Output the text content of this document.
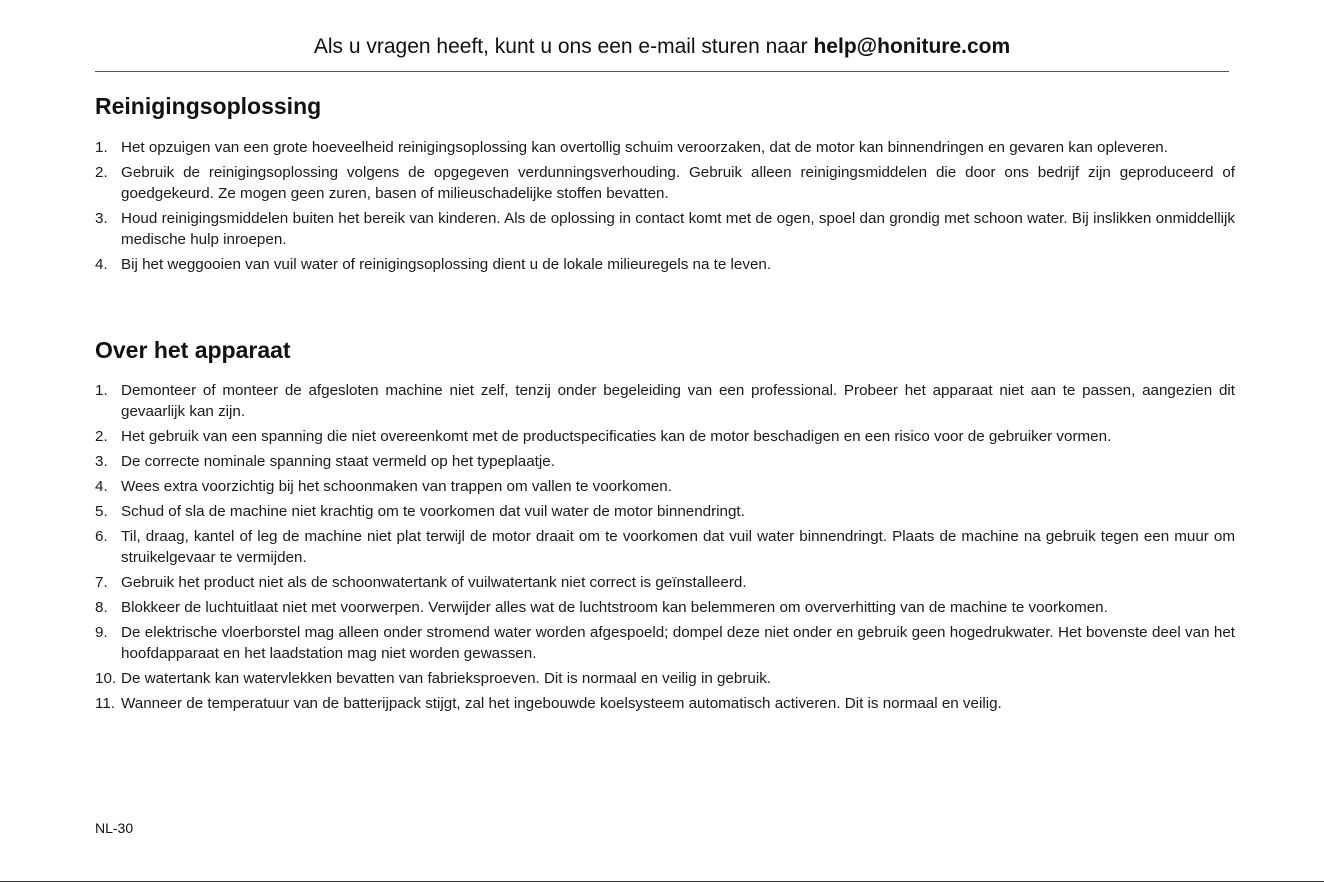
Als u vragen heeft, kunt u ons een e-mail sturen naar help@honiture.com
Reinigingsoplossing
1. Het opzuigen van een grote hoeveelheid reinigingsoplossing kan overtollig schuim veroorzaken, dat de motor kan binnendringen en gevaren kan opleveren.
2. Gebruik de reinigingsoplossing volgens de opgegeven verdunningsverhouding. Gebruik alleen reinigingsmiddelen die door ons bedrijf zijn geproduceerd of goedgekeurd. Ze mogen geen zuren, basen of milieuschadelijke stoffen bevatten.
3. Houd reinigingsmiddelen buiten het bereik van kinderen. Als de oplossing in contact komt met de ogen, spoel dan grondig met schoon water. Bij inslikken onmiddellijk medische hulp inroepen.
4. Bij het weggooien van vuil water of reinigingsoplossing dient u de lokale milieuregels na te leven.
Over het apparaat
1. Demonteer of monteer de afgesloten machine niet zelf, tenzij onder begeleiding van een professional. Probeer het apparaat niet aan te passen, aangezien dit gevaarlijk kan zijn.
2. Het gebruik van een spanning die niet overeenkomt met de productspecificaties kan de motor beschadigen en een risico voor de gebruiker vormen.
3. De correcte nominale spanning staat vermeld op het typeplaatje.
4. Wees extra voorzichtig bij het schoonmaken van trappen om vallen te voorkomen.
5. Schud of sla de machine niet krachtig om te voorkomen dat vuil water de motor binnendringt.
6. Til, draag, kantel of leg de machine niet plat terwijl de motor draait om te voorkomen dat vuil water binnendringt. Plaats de machine na gebruik tegen een muur om struikelgevaar te vermijden.
7. Gebruik het product niet als de schoonwatertank of vuilwatertank niet correct is geïnstalleerd.
8. Blokkeer de luchtuitlaat niet met voorwerpen. Verwijder alles wat de luchtstroom kan belemmeren om oververhitting van de machine te voorkomen.
9. De elektrische vloerborstel mag alleen onder stromend water worden afgespoeld; dompel deze niet onder en gebruik geen hogedrukwater. Het bovenste deel van het hoofdapparaat en het laadstation mag niet worden gewassen.
10. De watertank kan watervlekken bevatten van fabrieksproeven. Dit is normaal en veilig in gebruik.
11. Wanneer de temperatuur van de batterijpack stijgt, zal het ingebouwde koelsysteem automatisch activeren. Dit is normaal en veilig.
NL-30
